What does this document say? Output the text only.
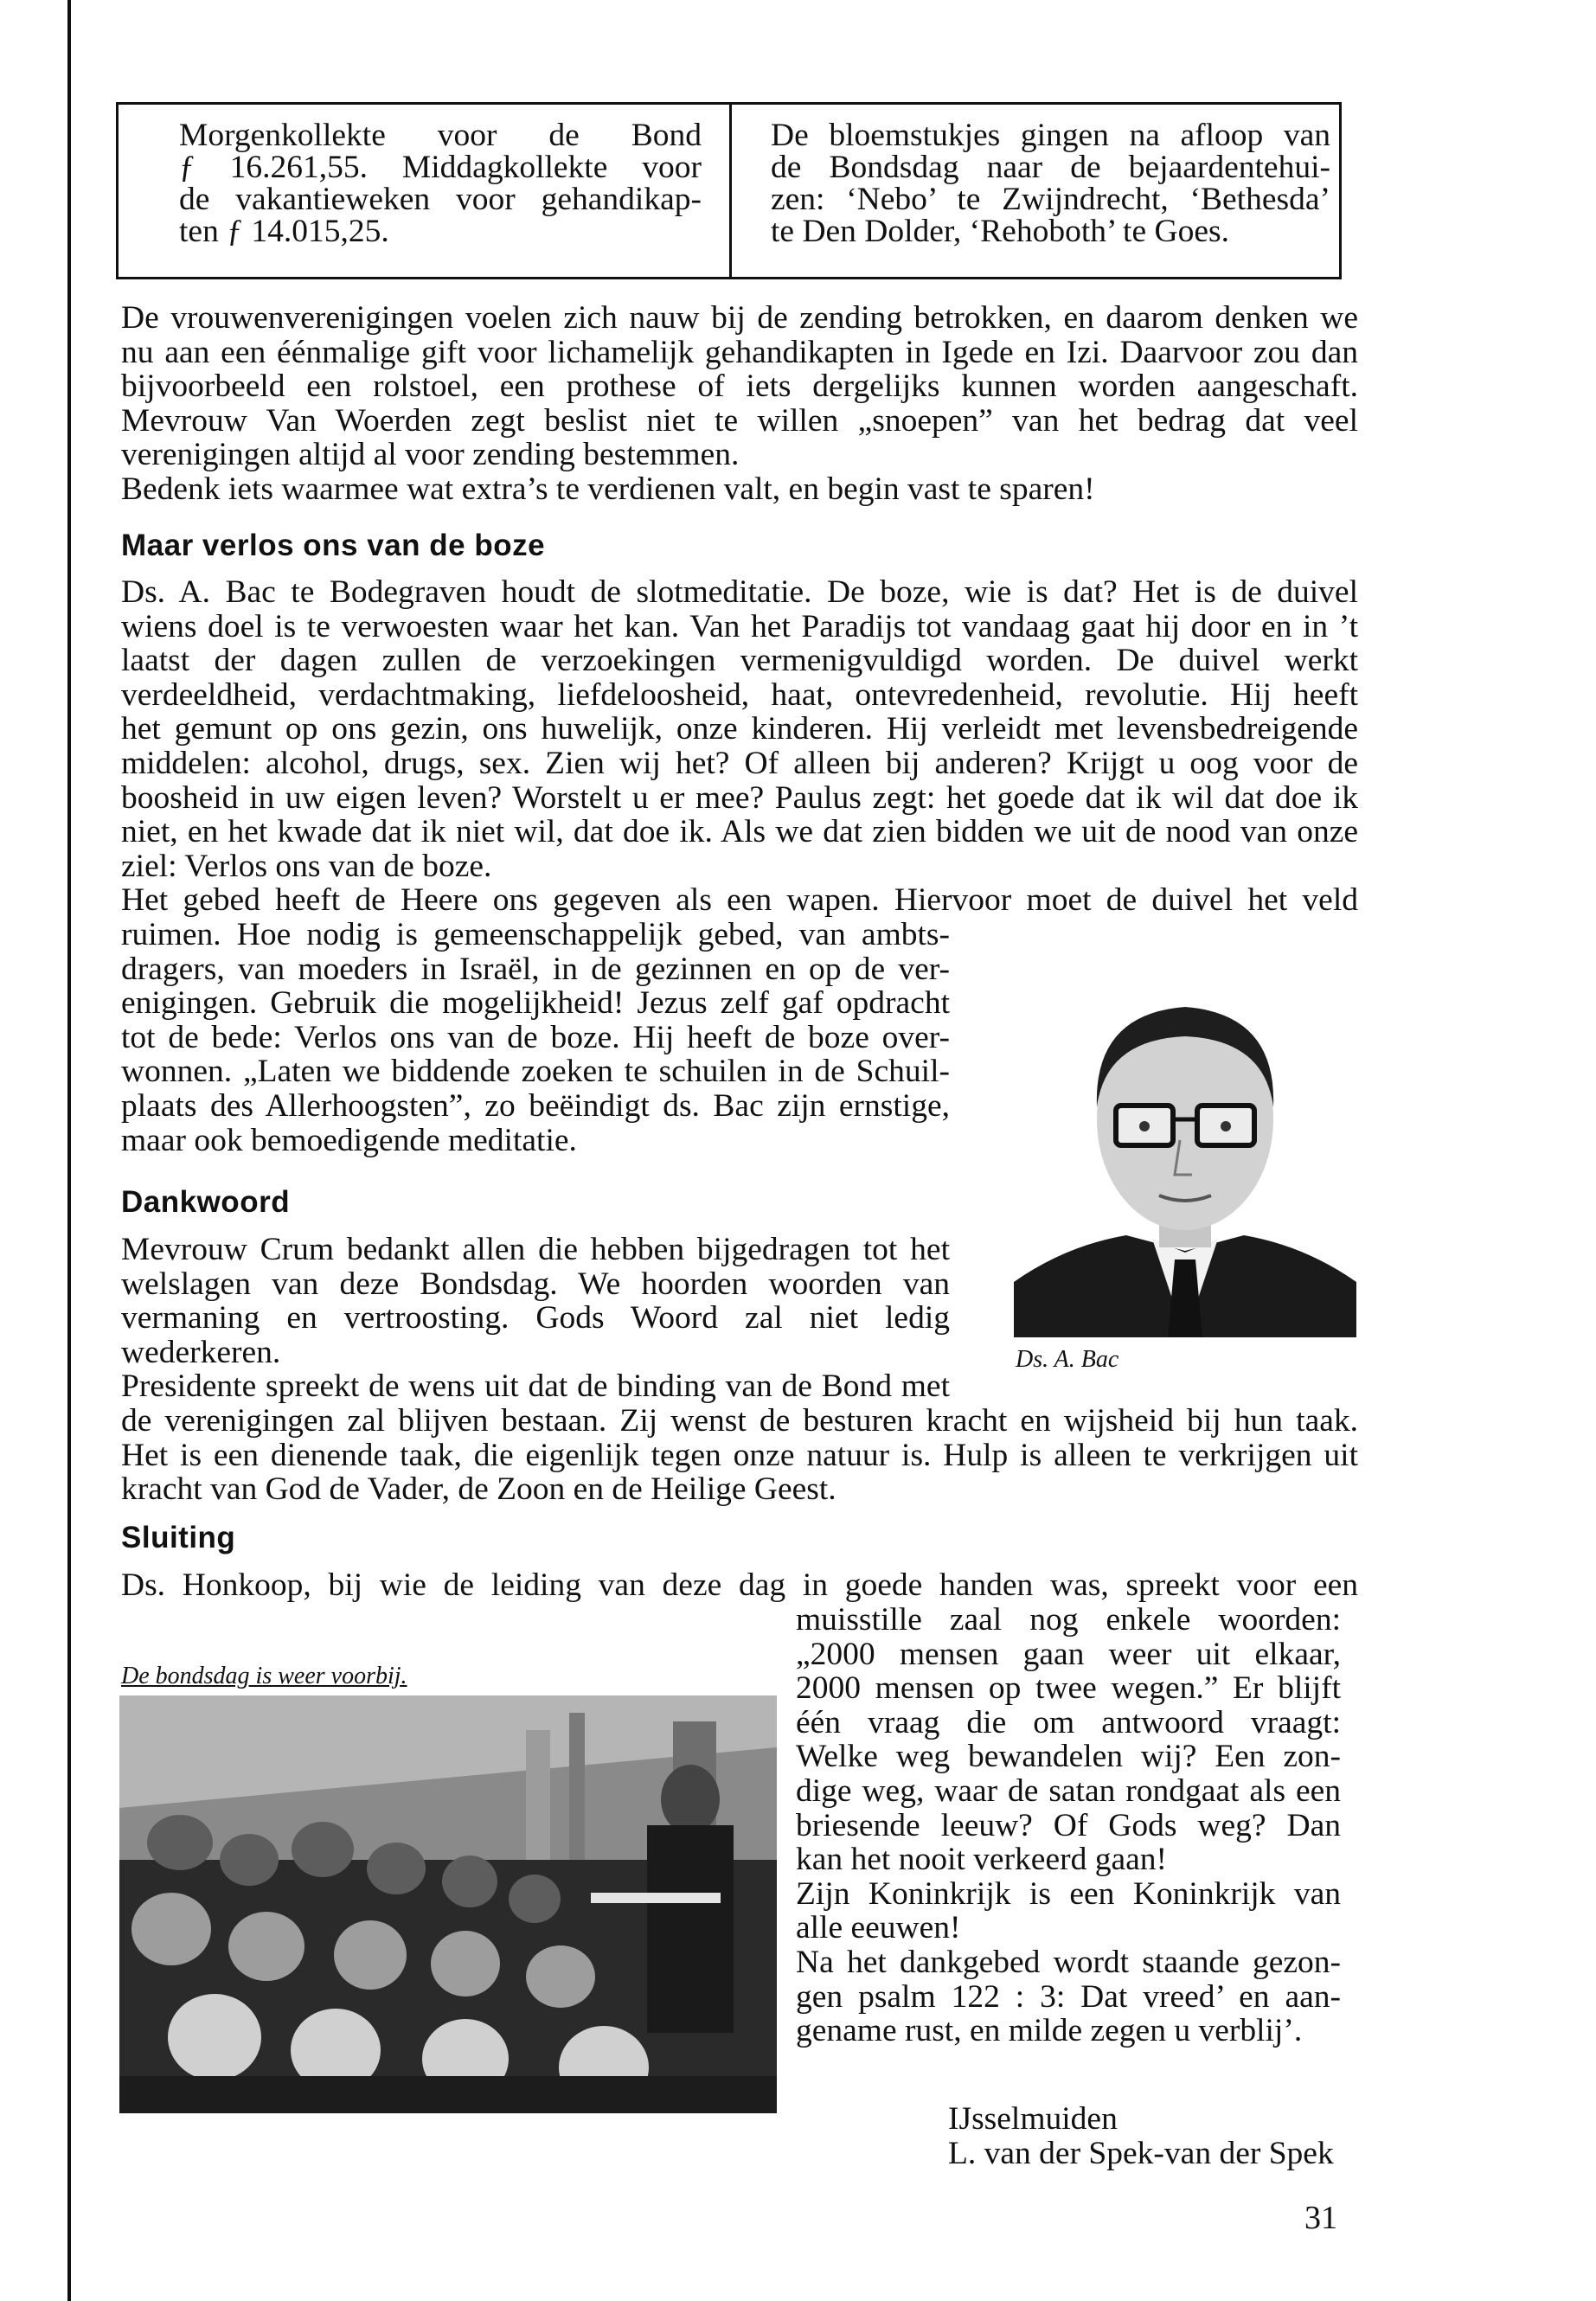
Morgenkollekte voor de Bond

ƒ 16.261,55. Middagkollekte voor

de vakantieweken voor gehandikap-

ten ƒ 14.015,25.

De bloemstukjes gingen na afloop van

de Bondsdag naar de bejaardentehui-

zen: ‘Nebo’ te Zwijndrecht, ‘Bethesda’

te Den Dolder, ‘Rehoboth’ te Goes.

De vrouwenverenigingen voelen zich nauw bij de zending betrokken, en daarom denken we
nu aan een éénmalige gift voor lichamelijk gehandikapten in Igede en Izi. Daarvoor zou dan
bijvoorbeeld een rolstoel, een prothese of iets dergelijks kunnen worden aangeschaft.
Mevrouw Van Woerden zegt beslist niet te willen „snoepen” van het bedrag dat veel
verenigingen altijd al voor zending bestemmen.
Bedenk iets waarmee wat extra’s te verdienen valt, en begin vast te sparen!
Maar verlos ons van de boze
Ds. A. Bac te Bodegraven houdt de slotmeditatie. De boze, wie is dat? Het is de duivel
wiens doel is te verwoesten waar het kan. Van het Paradijs tot vandaag gaat hij door en in ’t
laatst der dagen zullen de verzoekingen vermenigvuldigd worden. De duivel werkt
verdeeldheid, verdachtmaking, liefdeloosheid, haat, ontevredenheid, revolutie. Hij heeft
het gemunt op ons gezin, ons huwelijk, onze kinderen. Hij verleidt met levensbedreigende
middelen: alcohol, drugs, sex. Zien wij het? Of alleen bij anderen? Krijgt u oog voor de
boosheid in uw eigen leven? Worstelt u er mee? Paulus zegt: het goede dat ik wil dat doe ik
niet, en het kwade dat ik niet wil, dat doe ik. Als we dat zien bidden we uit de nood van onze
ziel: Verlos ons van de boze.
Het gebed heeft de Heere ons gegeven als een wapen. Hiervoor moet de duivel het veld
ruimen. Hoe nodig is gemeenschappelijk gebed, van ambts-
dragers, van moeders in Israël, in de gezinnen en op de ver-
enigingen. Gebruik die mogelijkheid! Jezus zelf gaf opdracht
tot de bede: Verlos ons van de boze. Hij heeft de boze over-
wonnen. „Laten we biddende zoeken te schuilen in de Schuil-
plaats des Allerhoogsten”, zo beëindigt ds. Bac zijn ernstige,
maar ook bemoedigende meditatie.

Ds. A. Bac

Dankwoord
Mevrouw Crum bedankt allen die hebben bijgedragen tot het
welslagen van deze Bondsdag. We hoorden woorden van
vermaning en vertroosting. Gods Woord zal niet ledig
wederkeren.
Presidente spreekt de wens uit dat de binding van de Bond met
de verenigingen zal blijven bestaan. Zij wenst de besturen kracht en wijsheid bij hun taak.
Het is een dienende taak, die eigenlijk tegen onze natuur is. Hulp is alleen te verkrijgen uit
kracht van God de Vader, de Zoon en de Heilige Geest.
Sluiting
Ds. Honkoop, bij wie de leiding van deze dag in goede handen was, spreekt voor een
muisstille zaal nog enkele woorden:
„2000 mensen gaan weer uit elkaar,
2000 mensen op twee wegen.” Er blijft
één vraag die om antwoord vraagt:
Welke weg bewandelen wij? Een zon-
dige weg, waar de satan rondgaat als een
briesende leeuw? Of Gods weg? Dan
kan het nooit verkeerd gaan!
Zijn Koninkrijk is een Koninkrijk van
alle eeuwen!
Na het dankgebed wordt staande gezon-
gen psalm 122 : 3: Dat vreed’ en aan-
gename rust, en milde zegen u verblij’.

De bondsdag is weer voorbij.

IJsselmuiden
L. van der Spek-van der Spek

31
